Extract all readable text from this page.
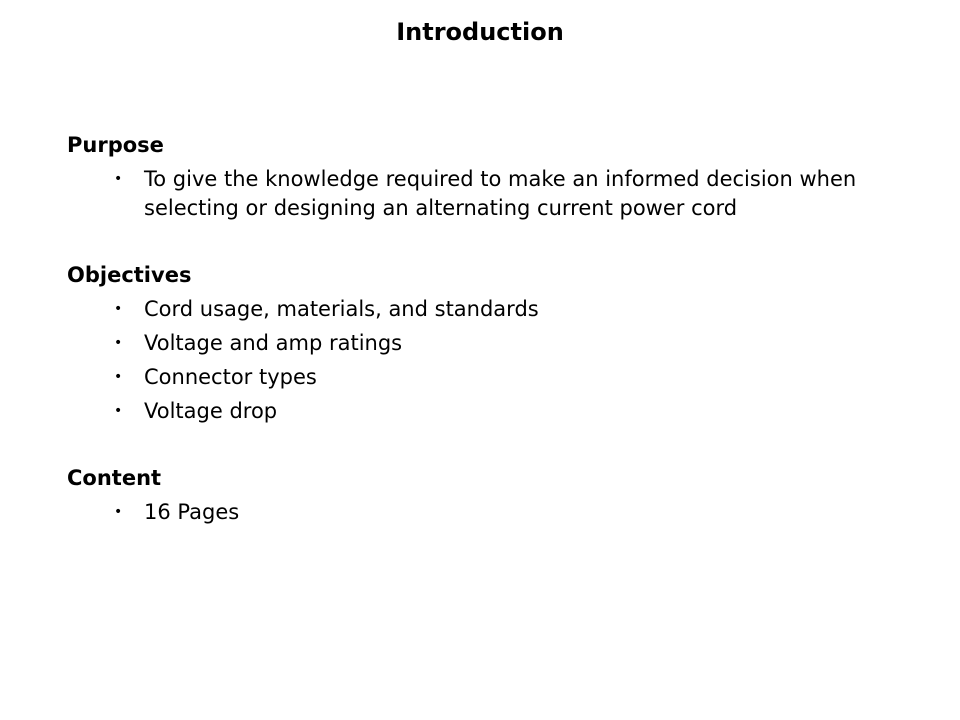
Introduction

Purpose

• To give the knowledge required to make an informed decision when selecting or designing an alternating current power cord

Objectives

• Cord usage, materials, and standards
• Voltage and amp ratings
• Connector types
• Voltage drop

Content

• 16 Pages
